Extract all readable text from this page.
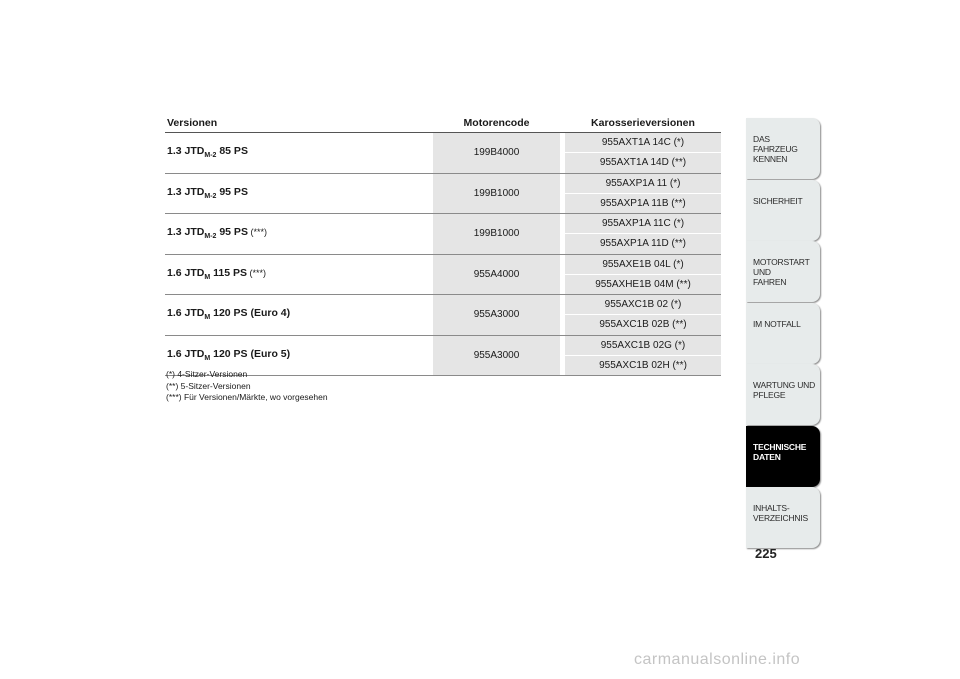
Versionen	Motorencode	Karosserieversionen
1.3 $JTD_{M-2}$ 85 PS	199B4000
955AXT1A 14C (*)
955AXT1A 14D (**)
1.3 $JTD_{M-2}$ 95 PS	199B1000
955AXP1A 11 (*)
955AXP1A 11B (**)
1.3 $JTD_{M-2}$ 95 PS (***)	199B1000
955AXP1A 11C (*)
955AXP1A 11D (**)
1.6 $JTD_M$ 115 PS (***)	955A4000
955AXE1B 04L (*)
955AXHE1B 04M (**)
1.6 $JTD_M$ 120 PS (Euro 4)	955A3000
955AXC1B 02 (*)
955AXC1B 02B (**)
1.6 $JTD_M$ 120 PS (Euro 5)	955A3000
955AXC1B 02G (*)
955AXC1B 02H (**)
(*) 4-Sitzer-Versionen
(**) 5-Sitzer-Versionen
(***) Für Versionen/Märkte, wo vorgesehen
DAS FAHRZEUG
KENNEN
SICHERHEIT
MOTORSTART UND
FAHREN
IM NOTFALL
WARTUNG UND
PFLEGE
TECHNISCHE
DATEN
INHALTS-
VERZEICHNIS
225
carmanualsonline.info
